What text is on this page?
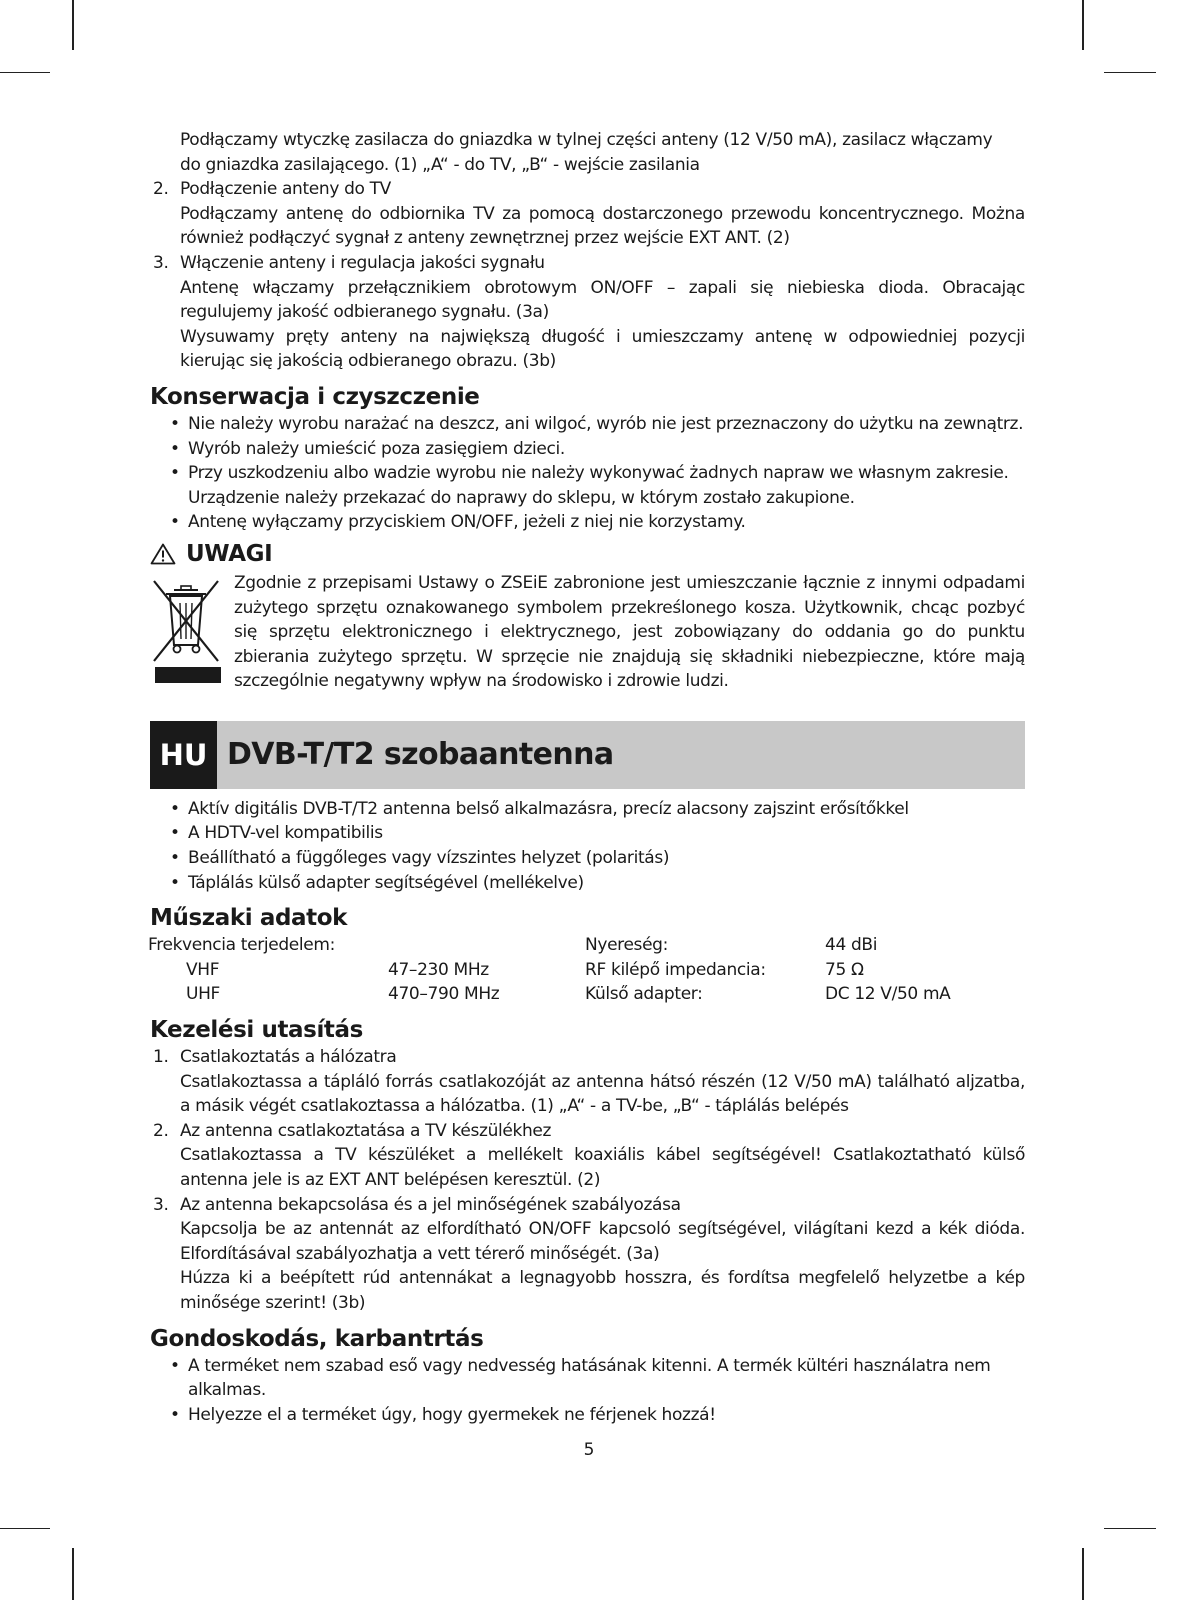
Podłączamy wtyczkę zasilacza do gniazdka w tylnej części anteny (12 V/50 mA), zasilacz włączamy
do gniazdka zasilającego. (1) „A“ - do TV, „B“ - wejście zasilania
2. Podłączenie anteny do TV
Podłączamy antenę do odbiornika TV za pomocą dostarczonego przewodu koncentrycznego. Można również podłączyć sygnał z anteny zewnętrznej przez wejście EXT ANT. (2)
3. Włączenie anteny i regulacja jakości sygnału
Antenę włączamy przełącznikiem obrotowym ON/OFF – zapali się niebieska dioda. Obracając regulujemy jakość odbieranego sygnału. (3a)
Wysuwamy pręty anteny na największą długość i umieszczamy antenę w odpowiedniej pozycji kierując się jakością odbieranego obrazu. (3b)
Konserwacja i czyszczenie
• Nie należy wyrobu narażać na deszcz, ani wilgoć, wyrób nie jest przeznaczony do użytku na zewnątrz.
• Wyrób należy umieścić poza zasięgiem dzieci.
• Przy uszkodzeniu albo wadzie wyrobu nie należy wykonywać żadnych napraw we własnym zakresie. Urządzenie należy przekazać do naprawy do sklepu, w którym zostało zakupione.
• Antenę wyłączamy przyciskiem ON/OFF, jeżeli z niej nie korzystamy.
UWAGI
Zgodnie z przepisami Ustawy o ZSEiE zabronione jest umieszczanie łącznie z innymi odpadami zużytego sprzętu oznakowanego symbolem przekreślonego kosza. Użytkownik, chcąc pozbyć się sprzętu elektronicznego i elektrycznego, jest zobowiązany do oddania go do punktu zbierania zużytego sprzętu. W sprzęcie nie znajdują się składniki niebezpieczne, które mają szczególnie negatywny wpływ na środowisko i zdrowie ludzi.
HU DVB-T/T2 szobaantenna
• Aktív digitális DVB-T/T2 antenna belső alkalmazásra, precíz alacsony zajszint erősítőkkel
• A HDTV-vel kompatibilis
• Beállítható a függőleges vagy vízszintes helyzet (polaritás)
• Táplálás külső adapter segítségével (mellékelve)
Műszaki adatok
Frekvencia terjedelem:			Nyereség:	44 dBi
	VHF	47–230 MHz	RF kilépő impedancia:	75 Ω
	UHF	470–790 MHz	Külső adapter:	DC 12 V/50 mA
Kezelési utasítás
1. Csatlakoztatás a hálózatra
Csatlakoztassa a tápláló forrás csatlakozóját az antenna hátsó részén (12 V/50 mA) található aljzatba, a másik végét csatlakoztassa a hálózatba. (1) „A“ - a TV-be, „B“ - táplálás belépés
2. Az antenna csatlakoztatása a TV készülékhez
Csatlakoztassa a TV készüléket a mellékelt koaxiális kábel segítségével! Csatlakoztatható külső antenna jele is az EXT ANT belépésen keresztül. (2)
3. Az antenna bekapcsolása és a jel minőségének szabályozása
Kapcsolja be az antennát az elfordítható ON/OFF kapcsoló segítségével, világítani kezd a kék dióda. Elfordításával szabályozhatja a vett térerő minőségét. (3a)
Húzza ki a beépített rúd antennákat a legnagyobb hosszra, és fordítsa megfelelő helyzetbe a kép minősége szerint! (3b)
Gondoskodás, karbantrtás
• A terméket nem szabad eső vagy nedvesség hatásának kitenni. A termék kültéri használatra nem alkalmas.
• Helyezze el a terméket úgy, hogy gyermekek ne férjenek hozzá!
5
